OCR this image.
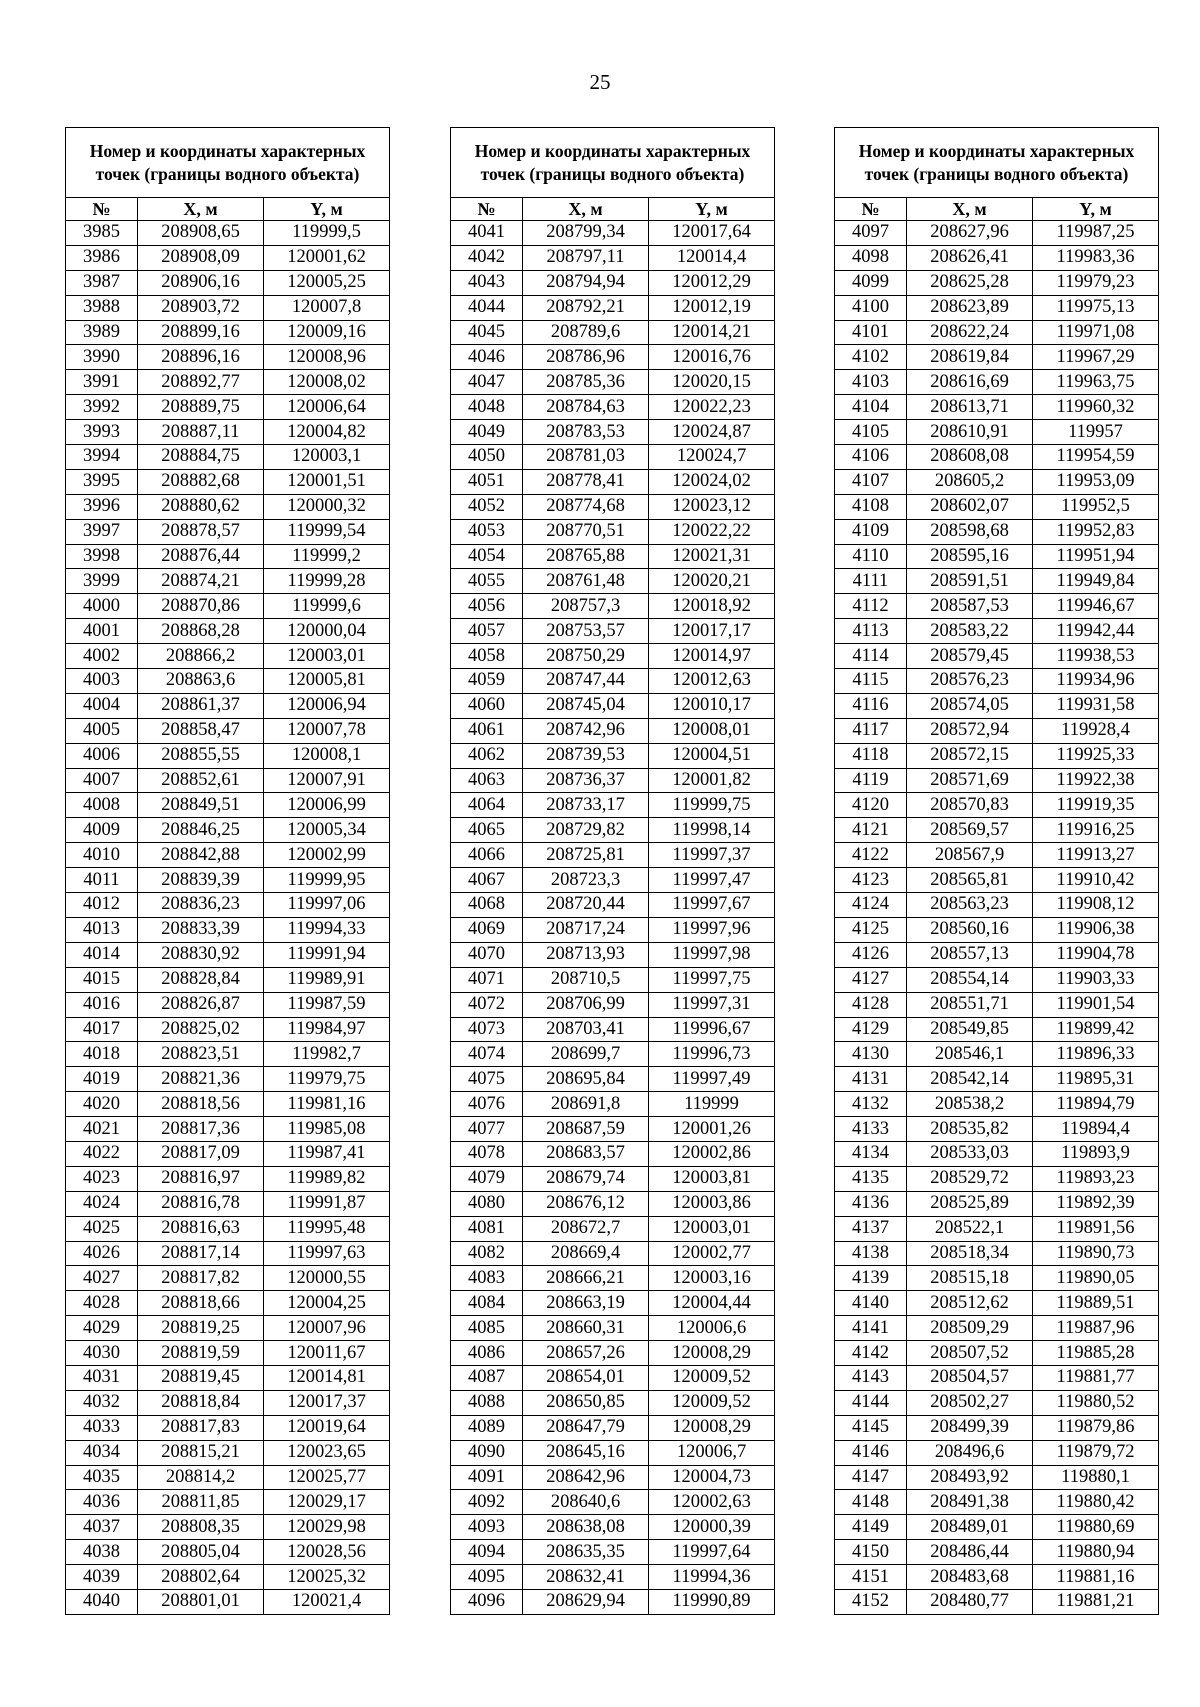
25
Номер и координаты характерных точек (границы водного объекта)		
№	X, м	Y, м
3985	208908,65	119999,5
3986	208908,09	120001,62
3987	208906,16	120005,25
3988	208903,72	120007,8
3989	208899,16	120009,16
3990	208896,16	120008,96
3991	208892,77	120008,02
3992	208889,75	120006,64
3993	208887,11	120004,82
3994	208884,75	120003,1
3995	208882,68	120001,51
3996	208880,62	120000,32
3997	208878,57	119999,54
3998	208876,44	119999,2
3999	208874,21	119999,28
4000	208870,86	119999,6
4001	208868,28	120000,04
4002	208866,2	120003,01
4003	208863,6	120005,81
4004	208861,37	120006,94
4005	208858,47	120007,78
4006	208855,55	120008,1
4007	208852,61	120007,91
4008	208849,51	120006,99
4009	208846,25	120005,34
4010	208842,88	120002,99
4011	208839,39	119999,95
4012	208836,23	119997,06
4013	208833,39	119994,33
4014	208830,92	119991,94
4015	208828,84	119989,91
4016	208826,87	119987,59
4017	208825,02	119984,97
4018	208823,51	119982,7
4019	208821,36	119979,75
4020	208818,56	119981,16
4021	208817,36	119985,08
4022	208817,09	119987,41
4023	208816,97	119989,82
4024	208816,78	119991,87
4025	208816,63	119995,48
4026	208817,14	119997,63
4027	208817,82	120000,55
4028	208818,66	120004,25
4029	208819,25	120007,96
4030	208819,59	120011,67
4031	208819,45	120014,81
4032	208818,84	120017,37
4033	208817,83	120019,64
4034	208815,21	120023,65
4035	208814,2	120025,77
4036	208811,85	120029,17
4037	208808,35	120029,98
4038	208805,04	120028,56
4039	208802,64	120025,32
4040	208801,01	120021,4
Номер и координаты характерных точек (границы водного объекта)		
№	X, м	Y, м
4041	208799,34	120017,64
4042	208797,11	120014,4
4043	208794,94	120012,29
4044	208792,21	120012,19
4045	208789,6	120014,21
4046	208786,96	120016,76
4047	208785,36	120020,15
4048	208784,63	120022,23
4049	208783,53	120024,87
4050	208781,03	120024,7
4051	208778,41	120024,02
4052	208774,68	120023,12
4053	208770,51	120022,22
4054	208765,88	120021,31
4055	208761,48	120020,21
4056	208757,3	120018,92
4057	208753,57	120017,17
4058	208750,29	120014,97
4059	208747,44	120012,63
4060	208745,04	120010,17
4061	208742,96	120008,01
4062	208739,53	120004,51
4063	208736,37	120001,82
4064	208733,17	119999,75
4065	208729,82	119998,14
4066	208725,81	119997,37
4067	208723,3	119997,47
4068	208720,44	119997,67
4069	208717,24	119997,96
4070	208713,93	119997,98
4071	208710,5	119997,75
4072	208706,99	119997,31
4073	208703,41	119996,67
4074	208699,7	119996,73
4075	208695,84	119997,49
4076	208691,8	119999
4077	208687,59	120001,26
4078	208683,57	120002,86
4079	208679,74	120003,81
4080	208676,12	120003,86
4081	208672,7	120003,01
4082	208669,4	120002,77
4083	208666,21	120003,16
4084	208663,19	120004,44
4085	208660,31	120006,6
4086	208657,26	120008,29
4087	208654,01	120009,52
4088	208650,85	120009,52
4089	208647,79	120008,29
4090	208645,16	120006,7
4091	208642,96	120004,73
4092	208640,6	120002,63
4093	208638,08	120000,39
4094	208635,35	119997,64
4095	208632,41	119994,36
4096	208629,94	119990,89
Номер и координаты характерных точек (границы водного объекта)		
№	X, м	Y, м
4097	208627,96	119987,25
4098	208626,41	119983,36
4099	208625,28	119979,23
4100	208623,89	119975,13
4101	208622,24	119971,08
4102	208619,84	119967,29
4103	208616,69	119963,75
4104	208613,71	119960,32
4105	208610,91	119957
4106	208608,08	119954,59
4107	208605,2	119953,09
4108	208602,07	119952,5
4109	208598,68	119952,83
4110	208595,16	119951,94
4111	208591,51	119949,84
4112	208587,53	119946,67
4113	208583,22	119942,44
4114	208579,45	119938,53
4115	208576,23	119934,96
4116	208574,05	119931,58
4117	208572,94	119928,4
4118	208572,15	119925,33
4119	208571,69	119922,38
4120	208570,83	119919,35
4121	208569,57	119916,25
4122	208567,9	119913,27
4123	208565,81	119910,42
4124	208563,23	119908,12
4125	208560,16	119906,38
4126	208557,13	119904,78
4127	208554,14	119903,33
4128	208551,71	119901,54
4129	208549,85	119899,42
4130	208546,1	119896,33
4131	208542,14	119895,31
4132	208538,2	119894,79
4133	208535,82	119894,4
4134	208533,03	119893,9
4135	208529,72	119893,23
4136	208525,89	119892,39
4137	208522,1	119891,56
4138	208518,34	119890,73
4139	208515,18	119890,05
4140	208512,62	119889,51
4141	208509,29	119887,96
4142	208507,52	119885,28
4143	208504,57	119881,77
4144	208502,27	119880,52
4145	208499,39	119879,86
4146	208496,6	119879,72
4147	208493,92	119880,1
4148	208491,38	119880,42
4149	208489,01	119880,69
4150	208486,44	119880,94
4151	208483,68	119881,16
4152	208480,77	119881,21
